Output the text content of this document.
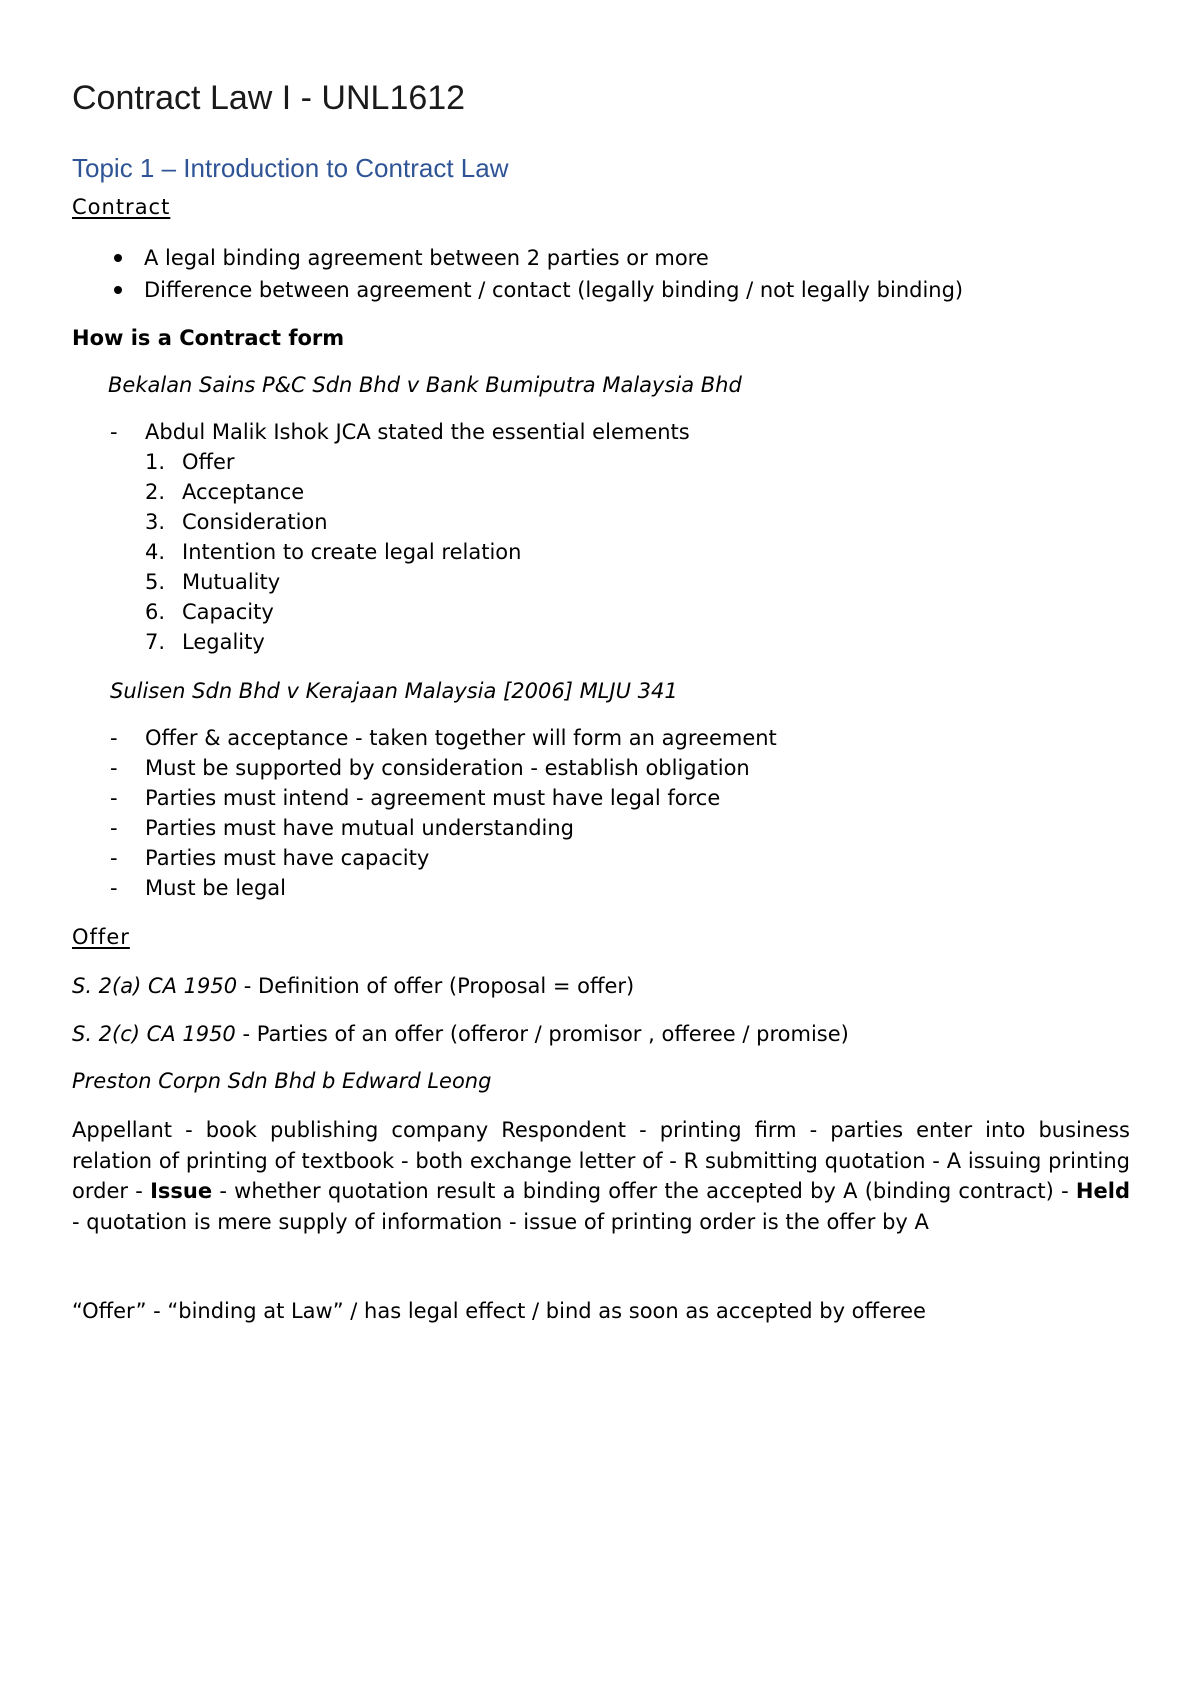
Contract Law I - UNL1612
Topic 1 – Introduction to Contract Law
Contract
A legal binding agreement between 2 parties or more
Difference between agreement / contact (legally binding / not legally binding)
How is a Contract form
Bekalan Sains P&C Sdn Bhd v Bank Bumiputra Malaysia Bhd
- Abdul Malik Ishok JCA stated the essential elements
1. Offer
2. Acceptance
3. Consideration
4. Intention to create legal relation
5. Mutuality
6. Capacity
7. Legality
Sulisen Sdn Bhd v Kerajaan Malaysia [2006] MLJU 341
- Offer & acceptance - taken together will form an agreement
- Must be supported by consideration - establish obligation
- Parties must intend - agreement must have legal force
- Parties must have mutual understanding
- Parties must have capacity
- Must be legal
Offer
S. 2(a) CA 1950 - Definition of offer (Proposal = offer)
S. 2(c) CA 1950 - Parties of an offer (offeror / promisor , offeree / promise)
Preston Corpn Sdn Bhd b Edward Leong
Appellant - book publishing company Respondent - printing firm - parties enter into business relation of printing of textbook - both exchange letter of - R submitting quotation - A issuing printing order - Issue - whether quotation result a binding offer the accepted by A (binding contract) - Held - quotation is mere supply of information - issue of printing order is the offer by A
“Offer” - “binding at Law” / has legal effect / bind as soon as accepted by offeree
